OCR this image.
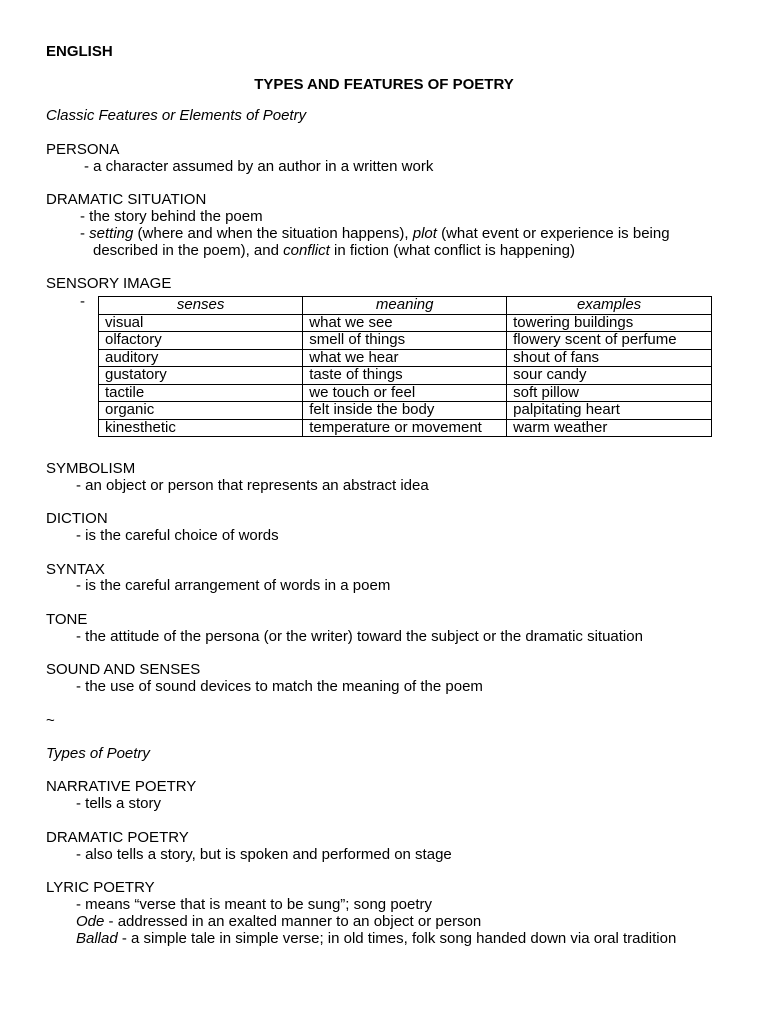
ENGLISH
TYPES AND FEATURES OF POETRY
Classic Features or Elements of Poetry
PERSONA
- a character assumed by an author in a written work
DRAMATIC SITUATION
- the story behind the poem
- setting (where and when the situation happens), plot (what event or experience is being
described in the poem), and conflict in fiction (what conflict is happening)
SENSORY IMAGE
-	senses	meaning	examples
visual	what we see	towering buildings
olfactory	smell of things	flowery scent of perfume
auditory	what we hear	shout of fans
gustatory	taste of things	sour candy
tactile	we touch or feel	soft pillow
organic	felt inside the body	palpitating heart
kinesthetic	temperature or movement	warm weather
SYMBOLISM
- an object or person that represents an abstract idea
DICTION
- is the careful choice of words
SYNTAX
- is the careful arrangement of words in a poem
TONE
- the attitude of the persona (or the writer) toward the subject or the dramatic situation
SOUND AND SENSES
- the use of sound devices to match the meaning of the poem
~
Types of Poetry
NARRATIVE POETRY
- tells a story
DRAMATIC POETRY
- also tells a story, but is spoken and performed on stage
LYRIC POETRY
- means “verse that is meant to be sung”; song poetry
Ode - addressed in an exalted manner to an object or person
Ballad - a simple tale in simple verse; in old times, folk song handed down via oral tradition
